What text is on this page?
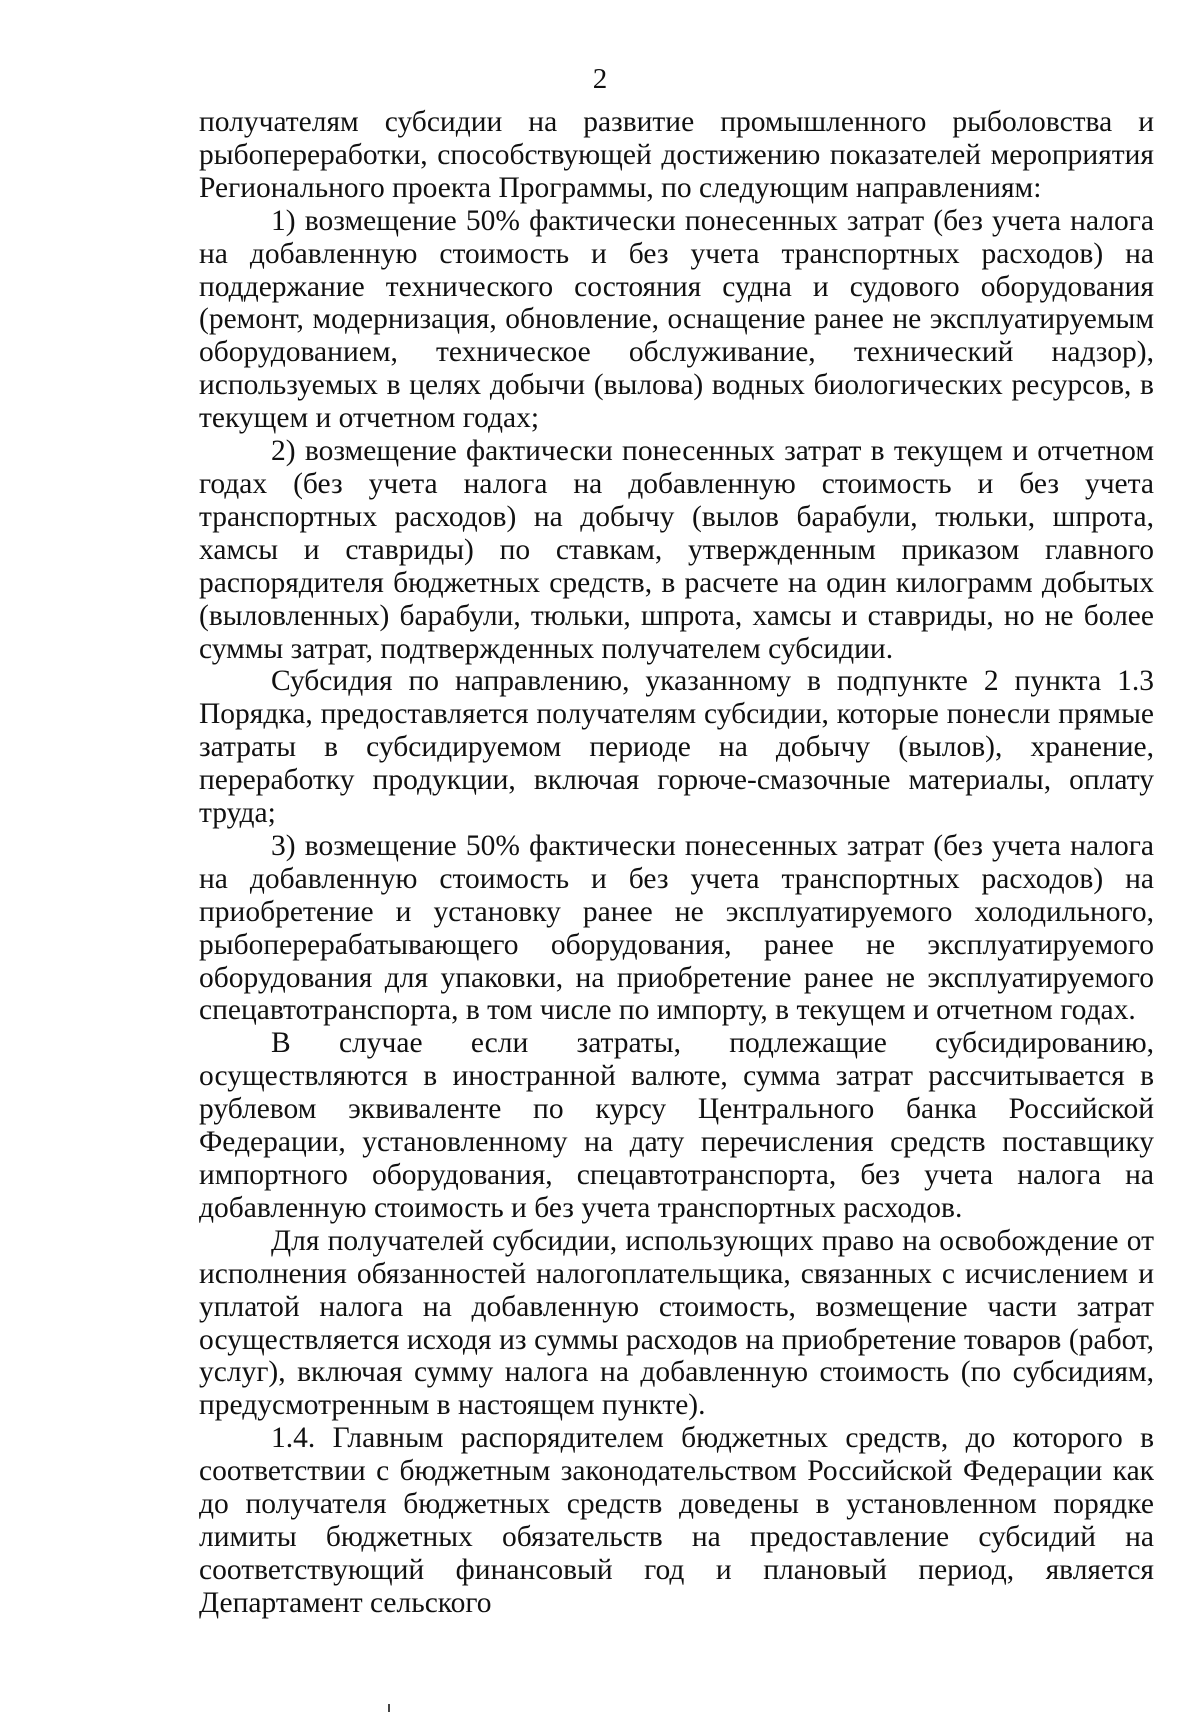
2

получателям субсидии на развитие промышленного рыболовства и рыбопереработки, способствующей достижению показателей мероприятия Регионального проекта Программы, по следующим направлениям:

1) возмещение 50% фактически понесенных затрат (без учета налога на добавленную стоимость и без учета транспортных расходов) на поддержание технического состояния судна и судового оборудования (ремонт, модернизация, обновление, оснащение ранее не эксплуатируемым оборудованием, техническое обслуживание, технический надзор), используемых в целях добычи (вылова) водных биологических ресурсов, в текущем и отчетном годах;

2) возмещение фактически понесенных затрат в текущем и отчетном годах (без учета налога на добавленную стоимость и без учета транспортных расходов) на добычу (вылов барабули, тюльки, шпрота, хамсы и ставриды) по ставкам, утвержденным приказом главного распорядителя бюджетных средств, в расчете на один килограмм добытых (выловленных) барабули, тюльки, шпрота, хамсы и ставриды, но не более суммы затрат, подтвержденных получателем субсидии.

Субсидия по направлению, указанному в подпункте 2 пункта 1.3 Порядка, предоставляется получателям субсидии, которые понесли прямые затраты в субсидируемом периоде на добычу (вылов), хранение, переработку продукции, включая горюче-смазочные материалы, оплату труда;

3) возмещение 50% фактически понесенных затрат (без учета налога на добавленную стоимость и без учета транспортных расходов) на приобретение и установку ранее не эксплуатируемого холодильного, рыбоперерабатывающего оборудования, ранее не эксплуатируемого оборудования для упаковки, на приобретение ранее не эксплуатируемого спецавтотранспорта, в том числе по импорту, в текущем и отчетном годах.

В случае если затраты, подлежащие субсидированию, осуществляются в иностранной валюте, сумма затрат рассчитывается в рублевом эквиваленте по курсу Центрального банка Российской Федерации, установленному на дату перечисления средств поставщику импортного оборудования, спецавтотранспорта, без учета налога на добавленную стоимость и без учета транспортных расходов.

Для получателей субсидии, использующих право на освобождение от исполнения обязанностей налогоплательщика, связанных с исчислением и уплатой налога на добавленную стоимость, возмещение части затрат осуществляется исходя из суммы расходов на приобретение товаров (работ, услуг), включая сумму налога на добавленную стоимость (по субсидиям, предусмотренным в настоящем пункте).

1.4. Главным распорядителем бюджетных средств, до которого в соответствии с бюджетным законодательством Российской Федерации как до получателя бюджетных средств доведены в установленном порядке лимиты бюджетных обязательств на предоставление субсидий на соответствующий финансовый год и плановый период, является Департамент сельского
